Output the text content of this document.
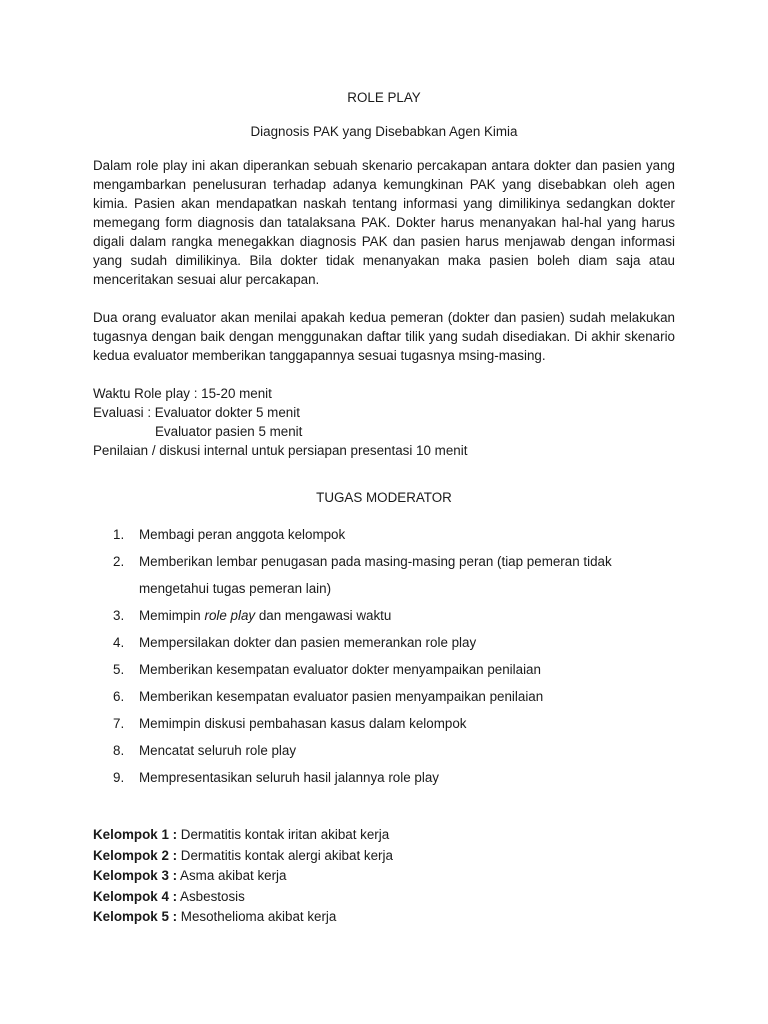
ROLE PLAY

Diagnosis PAK yang Disebabkan Agen Kimia

Dalam role play ini akan diperankan sebuah skenario percakapan antara dokter dan pasien yang mengambarkan penelusuran terhadap adanya kemungkinan PAK yang disebabkan oleh agen kimia. Pasien akan mendapatkan naskah tentang informasi yang dimilikinya sedangkan dokter memegang form diagnosis dan tatalaksana PAK. Dokter harus menanyakan hal-hal yang harus digali dalam rangka menegakkan diagnosis PAK dan pasien harus menjawab dengan informasi yang sudah dimilikinya. Bila dokter tidak menanyakan maka pasien boleh diam saja atau menceritakan sesuai alur percakapan.

Dua orang evaluator akan menilai apakah kedua pemeran (dokter dan pasien) sudah melakukan tugasnya dengan baik dengan menggunakan daftar tilik yang sudah disediakan. Di akhir skenario kedua evaluator memberikan tanggapannya sesuai tugasnya msing-masing.

Waktu Role play : 15-20 menit
Evaluasi : Evaluator dokter 5 menit
Evaluator pasien 5 menit
Penilaian / diskusi internal untuk persiapan presentasi 10 menit

TUGAS MODERATOR

1. Membagi peran anggota kelompok
2. Memberikan lembar penugasan pada masing-masing peran (tiap pemeran tidak
mengetahui tugas pemeran lain)
3. Memimpin role play dan mengawasi waktu
4. Mempersilakan dokter dan pasien memerankan role play
5. Memberikan kesempatan evaluator dokter menyampaikan penilaian
6. Memberikan kesempatan evaluator pasien menyampaikan penilaian
7. Memimpin diskusi pembahasan kasus dalam kelompok
8. Mencatat seluruh role play
9. Mempresentasikan seluruh hasil jalannya role play
Kelompok 1 : Dermatitis kontak iritan akibat kerja
Kelompok 2 : Dermatitis kontak alergi akibat kerja
Kelompok 3 : Asma akibat kerja
Kelompok 4 : Asbestosis
Kelompok 5 : Mesothelioma akibat kerja
